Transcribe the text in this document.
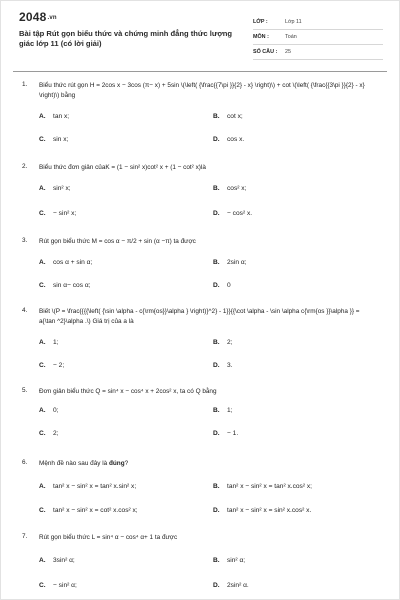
2048.vn
Bài tập Rút gọn biểu thức và chứng minh đẳng thức lượng giác lớp 11 (có lời giải)
LỚP :	Lớp 11
MÔN :	Toán
SỐ CÂU :	25
1. Biểu thức rút gọn H = 2cos x − 3cos (π− x) + 5sin \(\left( {\frac{{7\pi }}{2} - x} \right)\) + cot \(\left( {\frac{{3\pi }}{2} - x} \right)\) bằng
A. tan x;	B. cot x;
C. sin x;	D. cos x.
2. Biểu thức đơn giản củaK = (1 − sin² x)cot² x + (1 − cot² x)là
A. sin² x;	B. cos² x;
C. − sin² x;	D. − cos² x.
3. Rút gọn biểu thức M = cos α − π/2 + sin (α −π) ta được
A. cos α + sin α;	B. 2sin α;
C. sin α− cos α;	D. 0
4. Biết \(P = \frac{{{{\left( {\sin \alpha - c{\rm{os}}\alpha } \right)}^2} - 1}}{{\cot \alpha - \sin \alpha c{\rm{os }}\alpha }} = a{\tan ^2}\alpha .\) Giá trị của a là
A. 1;	B. 2;
C. − 2;	D. 3.
5. Đơn giản biểu thức Q = sin⁴ x − cos⁴ x + 2cos² x, ta có Q bằng
A. 0;	B. 1;
C. 2;	D. − 1.
6. Mệnh đề nào sau đây là đúng?
A. tan² x − sin² x = tan² x.sin² x;	B. tan² x − sin² x = tan² x.cos² x;
C. tan² x − sin² x = cot² x.cos² x;	D. tan² x − sin² x = sin² x.cos² x.
7. Rút gọn biểu thức L = sin⁴ α − cos⁴ α+ 1 ta được
A. 3sin² α;	B. sin² α;
C. − sin² α;	D. 2sin² α.
